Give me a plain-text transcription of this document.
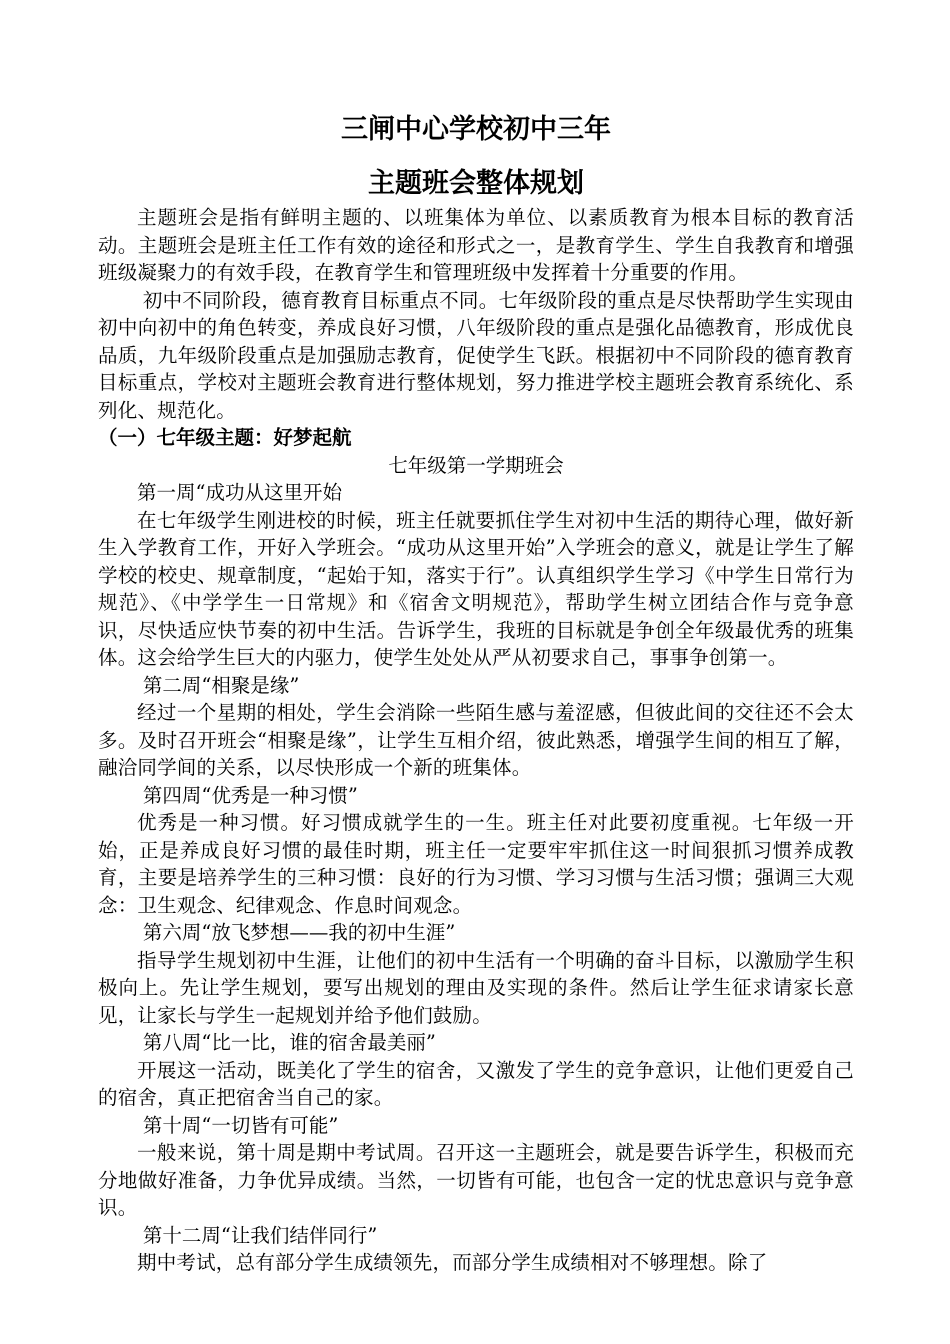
三闸中心学校初中三年
主题班会整体规划

主题班会是指有鲜明主题的、以班集体为单位、以素质教育为根本目标的教育活动。主题班会是班主任工作有效的途径和形式之一，是教育学生、学生自我教育和增强班级凝聚力的有效手段，在教育学生和管理班级中发挥着十分重要的作用。

初中不同阶段，德育教育目标重点不同。七年级阶段的重点是尽快帮助学生实现由初中向初中的角色转变，养成良好习惯，八年级阶段的重点是强化品德教育，形成优良品质，九年级阶段重点是加强励志教育，促使学生飞跃。根据初中不同阶段的德育教育目标重点，学校对主题班会教育进行整体规划，努力推进学校主题班会教育系统化、系列化、规范化。

（一）七年级主题：好梦起航

七年级第一学期班会

第一周“成功从这里开始

在七年级学生刚进校的时候，班主任就要抓住学生对初中生活的期待心理，做好新生入学教育工作，开好入学班会。“成功从这里开始”入学班会的意义，就是让学生了解学校的校史、规章制度，“起始于知，落实于行”。认真组织学生学习《中学生日常行为规范》、《中学学生一日常规》和《宿舍文明规范》，帮助学生树立团结合作与竞争意识，尽快适应快节奏的初中生活。告诉学生，我班的目标就是争创全年级最优秀的班集体。这会给学生巨大的内驱力，使学生处处从严从初要求自己，事事争创第一。

第二周“相聚是缘”

经过一个星期的相处，学生会消除一些陌生感与羞涩感，但彼此间的交往还不会太多。及时召开班会“相聚是缘”，让学生互相介绍，彼此熟悉，增强学生间的相互了解，融洽同学间的关系，以尽快形成一个新的班集体。

第四周“优秀是一种习惯”

优秀是一种习惯。好习惯成就学生的一生。班主任对此要初度重视。七年级一开始，正是养成良好习惯的最佳时期，班主任一定要牢牢抓住这一时间狠抓习惯养成教育，主要是培养学生的三种习惯：良好的行为习惯、学习习惯与生活习惯；强调三大观念：卫生观念、纪律观念、作息时间观念。

第六周“放飞梦想——我的初中生涯”

指导学生规划初中生涯，让他们的初中生活有一个明确的奋斗目标，以激励学生积极向上。先让学生规划，要写出规划的理由及实现的条件。然后让学生征求请家长意见，让家长与学生一起规划并给予他们鼓励。

第八周“比一比，谁的宿舍最美丽”

开展这一活动，既美化了学生的宿舍，又激发了学生的竞争意识，让他们更爱自己的宿舍，真正把宿舍当自己的家。

第十周“一切皆有可能”

一般来说，第十周是期中考试周。召开这一主题班会，就是要告诉学生，积极而充分地做好准备，力争优异成绩。当然，一切皆有可能，也包含一定的忧忠意识与竞争意识。

第十二周“让我们结伴同行”

期中考试，总有部分学生成绩领先，而部分学生成绩相对不够理想。除了
